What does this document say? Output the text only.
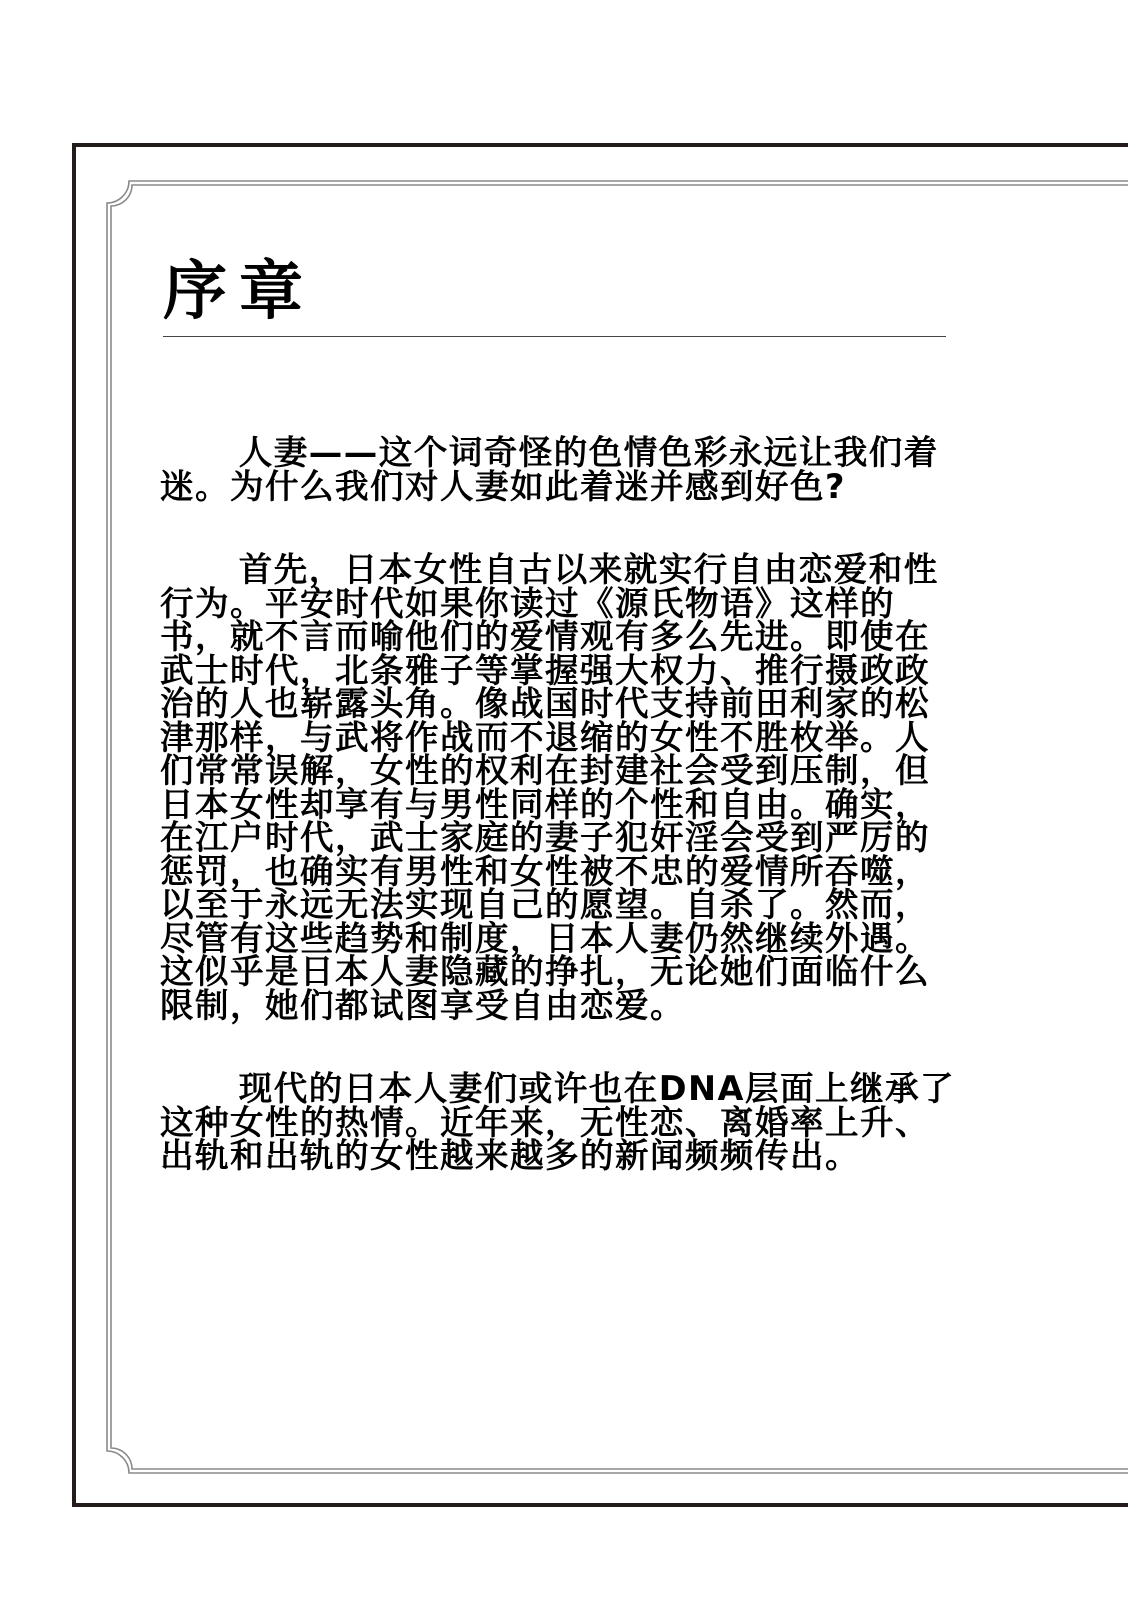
序章

人妻——这个词奇怪的色情色彩永远让我们着迷。为什么我们对人妻如此着迷并感到好色?

首先，日本女性自古以来就实行自由恋爱和性行为。平安时代如果你读过《源氏物语》这样的书，就不言而喻他们的爱情观有多么先进。即使在武士时代，北条雅子等掌握强大权力、推行摄政政治的人也崭露头角。像战国时代支持前田利家的松津那样，与武将作战而不退缩的女性不胜枚举。人们常常误解，女性的权利在封建社会受到压制，但日本女性却享有与男性同样的个性和自由。确实，在江户时代，武士家庭的妻子犯奸淫会受到严厉的惩罚，也确实有男性和女性被不忠的爱情所吞噬，以至于永远无法实现自己的愿望。自杀了。然而，尽管有这些趋势和制度，日本人妻仍然继续外遇。这似乎是日本人妻隐藏的挣扎，无论她们面临什么限制，她们都试图享受自由恋爱。

现代的日本人妻们或许也在DNA层面上继承了这种女性的热情。近年来，无性恋、离婚率上升、出轨和出轨的女性越来越多的新闻频频传出。
